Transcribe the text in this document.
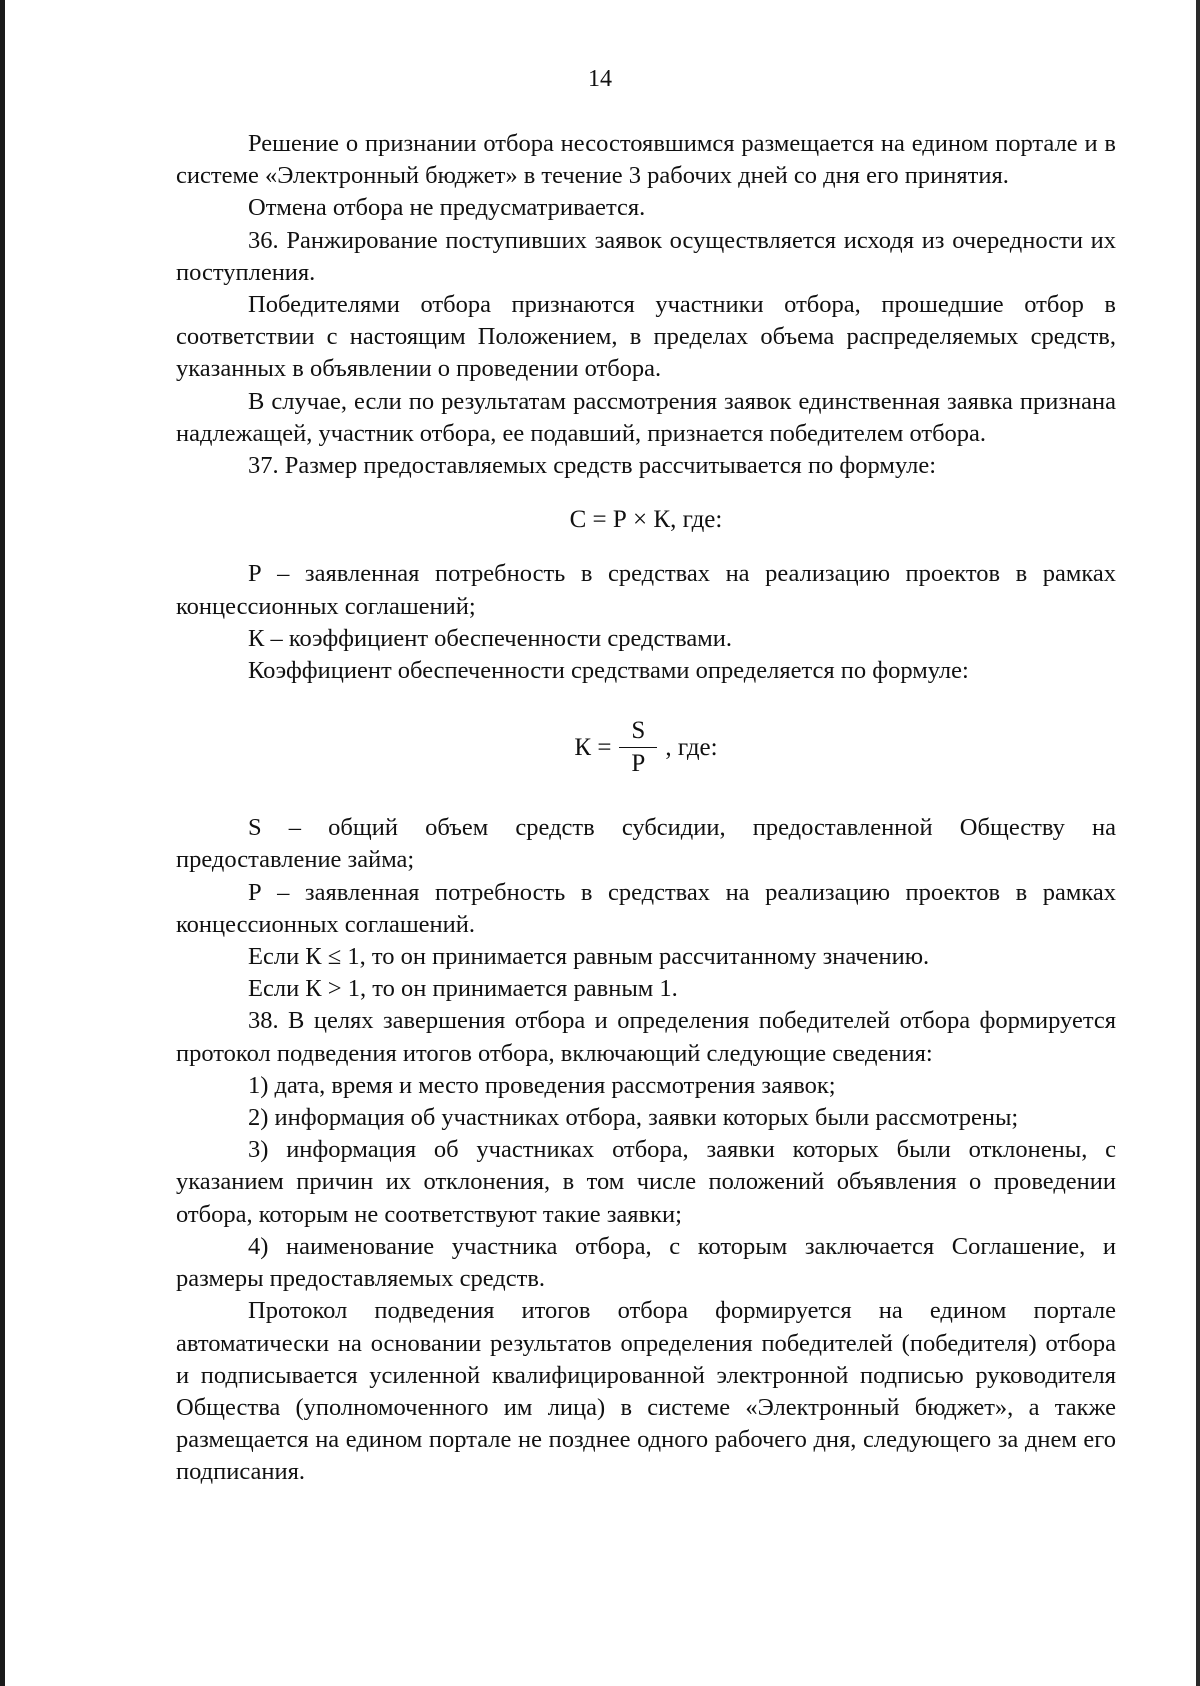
14

Решение о признании отбора несостоявшимся размещается на едином портале и в системе «Электронный бюджет» в течение 3 рабочих дней со дня его принятия.

Отмена отбора не предусматривается.

36. Ранжирование поступивших заявок осуществляется исходя из очередности их поступления.

Победителями отбора признаются участники отбора, прошедшие отбор в соответствии с настоящим Положением, в пределах объема распределяемых средств, указанных в объявлении о проведении отбора.

В случае, если по результатам рассмотрения заявок единственная заявка признана надлежащей, участник отбора, ее подавший, признается победителем отбора.

37. Размер предоставляемых средств рассчитывается по формуле:

С = Р × К, где:

Р – заявленная потребность в средствах на реализацию проектов в рамках концессионных соглашений;

К – коэффициент обеспеченности средствами.

Коэффициент обеспеченности средствами определяется по формуле:

$К = \frac{S}{Р}$ , где:

S – общий объем средств субсидии, предоставленной Обществу на предоставление займа;

Р – заявленная потребность в средствах на реализацию проектов в рамках концессионных соглашений.

Если К ≤ 1, то он принимается равным рассчитанному значению.

Если К > 1, то он принимается равным 1.

38. В целях завершения отбора и определения победителей отбора формируется протокол подведения итогов отбора, включающий следующие сведения:

1) дата, время и место проведения рассмотрения заявок;

2) информация об участниках отбора, заявки которых были рассмотрены;

3) информация об участниках отбора, заявки которых были отклонены, с указанием причин их отклонения, в том числе положений объявления о проведении отбора, которым не соответствуют такие заявки;

4) наименование участника отбора, с которым заключается Соглашение, и размеры предоставляемых средств.

Протокол подведения итогов отбора формируется на едином портале автоматически на основании результатов определения победителей (победителя) отбора и подписывается усиленной квалифицированной электронной подписью руководителя Общества (уполномоченного им лица) в системе «Электронный бюджет», а также размещается на едином портале не позднее одного рабочего дня, следующего за днем его подписания.
